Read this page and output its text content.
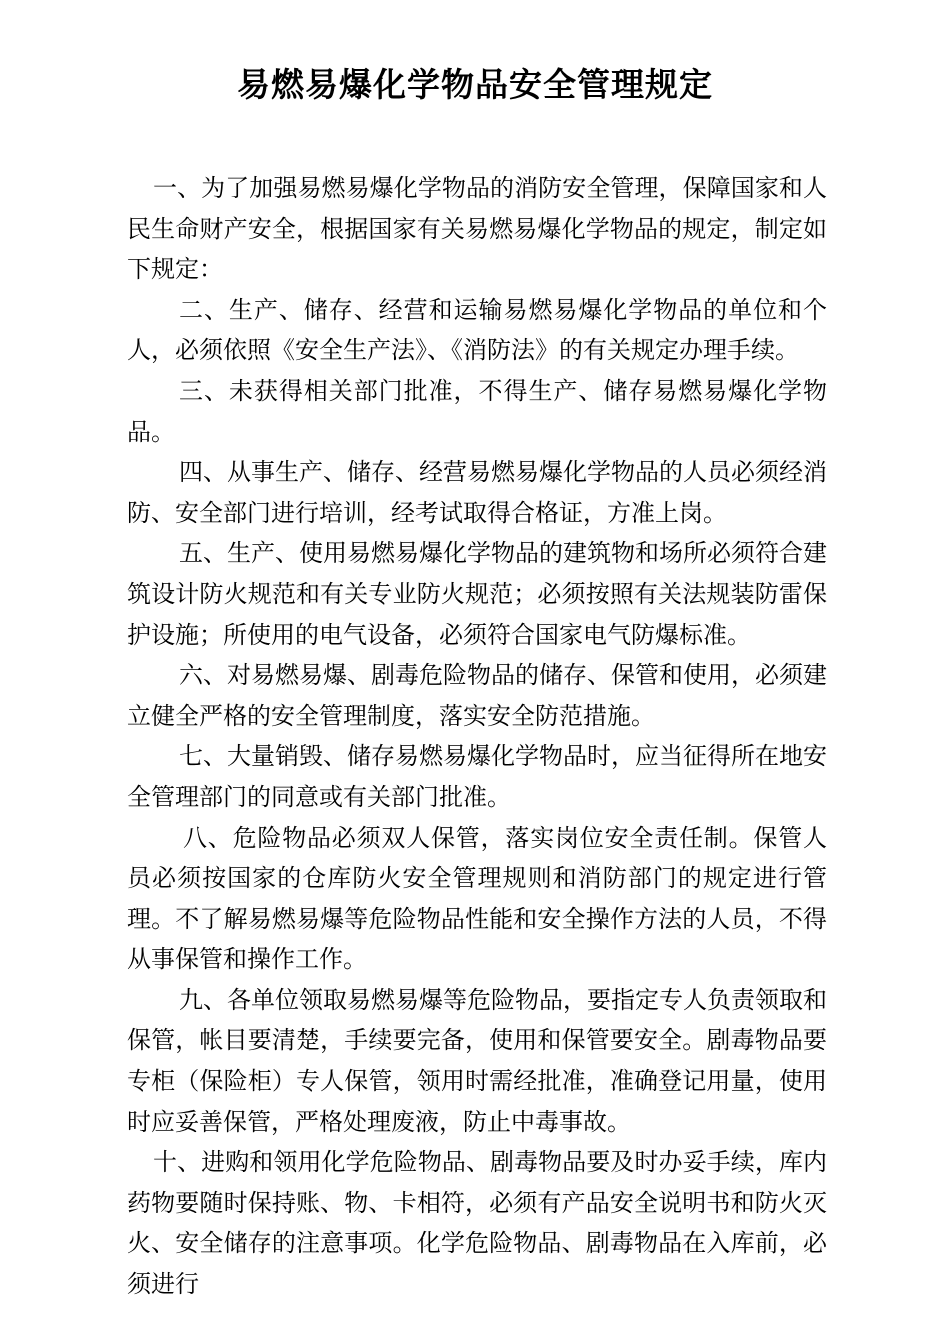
易燃易爆化学物品安全管理规定

一、为了加强易燃易爆化学物品的消防安全管理，保障国家和人民生命财产安全，根据国家有关易燃易爆化学物品的规定，制定如下规定：

二、生产、储存、经营和运输易燃易爆化学物品的单位和个人，必须依照《安全生产法》、《消防法》的有关规定办理手续。

三、未获得相关部门批准，不得生产、储存易燃易爆化学物品。

四、从事生产、储存、经营易燃易爆化学物品的人员必须经消防、安全部门进行培训，经考试取得合格证，方准上岗。

五、生产、使用易燃易爆化学物品的建筑物和场所必须符合建筑设计防火规范和有关专业防火规范；必须按照有关法规装防雷保护设施；所使用的电气设备，必须符合国家电气防爆标准。

六、对易燃易爆、剧毒危险物品的储存、保管和使用，必须建立健全严格的安全管理制度，落实安全防范措施。

七、大量销毁、储存易燃易爆化学物品时，应当征得所在地安全管理部门的同意或有关部门批准。

八、危险物品必须双人保管，落实岗位安全责任制。保管人员必须按国家的仓库防火安全管理规则和消防部门的规定进行管理。不了解易燃易爆等危险物品性能和安全操作方法的人员，不得从事保管和操作工作。

九、各单位领取易燃易爆等危险物品，要指定专人负责领取和保管，帐目要清楚，手续要完备，使用和保管要安全。剧毒物品要专柜（保险柜）专人保管，领用时需经批准，准确登记用量，使用时应妥善保管，严格处理废液，防止中毒事故。

十、进购和领用化学危险物品、剧毒物品要及时办妥手续，库内药物要随时保持账、物、卡相符，必须有产品安全说明书和防火灭火、安全储存的注意事项。化学危险物品、剧毒物品在入库前，必须进行
